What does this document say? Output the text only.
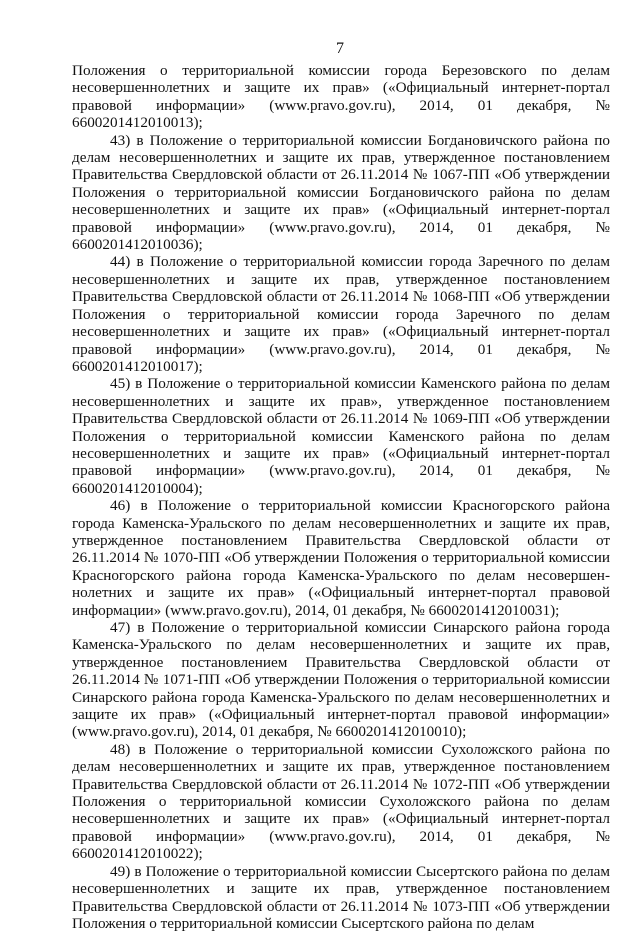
7

Положения о территориальной комиссии города Березовского по делам несовершеннолетних и защите их прав» («Официальный интернет-портал правовой информации» (www.pravo.gov.ru), 2014, 01 декабря, № 6600201412010013);

43) в Положение о территориальной комиссии Богдановичского района по делам несовершеннолетних и защите их прав, утвержденное постановлением Правительства Свердловской области от 26.11.2014 № 1067-ПП «Об утверждении Положения о территориальной комиссии Богдановичского района по делам несовершеннолетних и защите их прав» («Официальный интернет-портал правовой информации» (www.pravo.gov.ru), 2014, 01 декабря, № 6600201412010036);

44) в Положение о территориальной комиссии города Заречного по делам несовершеннолетних и защите их прав, утвержденное постановлением Правительства Свердловской области от 26.11.2014 № 1068-ПП «Об утверждении Положения о территориальной комиссии города Заречного по делам несовершеннолетних и защите их прав» («Официальный интернет-портал правовой информации» (www.pravo.gov.ru), 2014, 01 декабря, № 6600201412010017);

45) в Положение о территориальной комиссии Каменского района по делам несовершеннолетних и защите их прав», утвержденное постановлением Правительства Свердловской области от 26.11.2014 № 1069-ПП «Об утверждении Положения о территориальной комиссии Каменского района по делам несовершеннолетних и защите их прав» («Официальный интернет-портал правовой информации» (www.pravo.gov.ru), 2014, 01 декабря, № 6600201412010004);

46) в Положение о территориальной комиссии Красногорского района города Каменска-Уральского по делам несовершеннолетних и защите их прав, утвержденное постановлением Правительства Свердловской области от 26.11.2014 № 1070-ПП «Об утверждении Положения о территориальной комиссии Красногорского района города Каменска-Уральского по делам несовершеннолетних и защите их прав» («Официальный интернет-портал правовой информации» (www.pravo.gov.ru), 2014, 01 декабря, № 6600201412010031);

47) в Положение о территориальной комиссии Синарского района города Каменска-Уральского по делам несовершеннолетних и защите их прав, утвержденное постановлением Правительства Свердловской области от 26.11.2014 № 1071-ПП «Об утверждении Положения о территориальной комиссии Синарского района города Каменска-Уральского по делам несовершеннолетних и защите их прав» («Официальный интернет-портал правовой информации» (www.pravo.gov.ru), 2014, 01 декабря, № 6600201412010010);

48) в Положение о территориальной комиссии Сухоложского района по делам несовершеннолетних и защите их прав, утвержденное постановлением Правительства Свердловской области от 26.11.2014 № 1072-ПП «Об утверждении Положения о территориальной комиссии Сухоложского района по делам несовершеннолетних и защите их прав» («Официальный интернет-портал правовой информации» (www.pravo.gov.ru), 2014, 01 декабря, № 6600201412010022);

49) в Положение о территориальной комиссии Сысертского района по делам несовершеннолетних и защите их прав, утвержденное постановлением Правительства Свердловской области от 26.11.2014 № 1073-ПП «Об утверждении Положения о территориальной комиссии Сысертского района по делам
